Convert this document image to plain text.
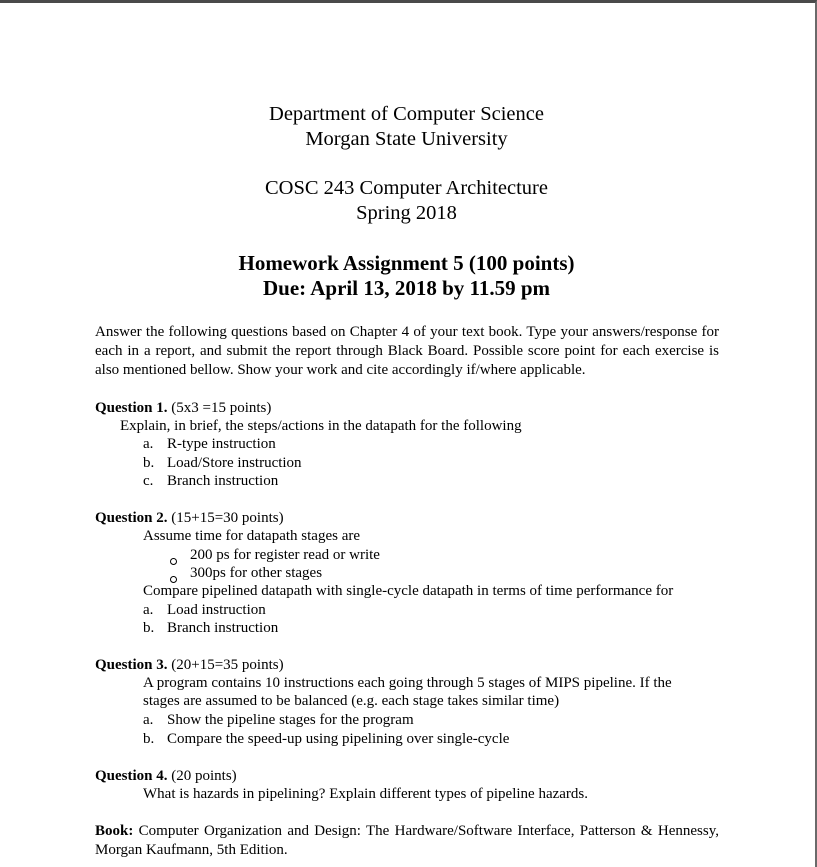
Department of Computer Science
Morgan State University
COSC 243 Computer Architecture
Spring 2018
Homework Assignment 5 (100 points)
Due: April 13, 2018 by 11.59 pm
Answer the following questions based on Chapter 4 of your text book. Type your answers/response for each in a report, and submit the report through Black Board. Possible score point for each exercise is also mentioned bellow. Show your work and cite accordingly if/where applicable.
Question 1. (5x3 =15 points)
Explain, in brief, the steps/actions in the datapath for the following
a. R-type instruction
b. Load/Store instruction
c. Branch instruction
Question 2. (15+15=30 points)
Assume time for datapath stages are
200 ps for register read or write
300ps for other stages
Compare pipelined datapath with single-cycle datapath in terms of time performance for
a. Load instruction
b. Branch instruction
Question 3. (20+15=35 points)
A program contains 10 instructions each going through 5 stages of MIPS pipeline. If the
stages are assumed to be balanced (e.g. each stage takes similar time)
a. Show the pipeline stages for the program
b. Compare the speed-up using pipelining over single-cycle
Question 4. (20 points)
What is hazards in pipelining? Explain different types of pipeline hazards.
Book: Computer Organization and Design: The Hardware/Software Interface, Patterson & Hennessy, Morgan Kaufmann, 5th Edition.
